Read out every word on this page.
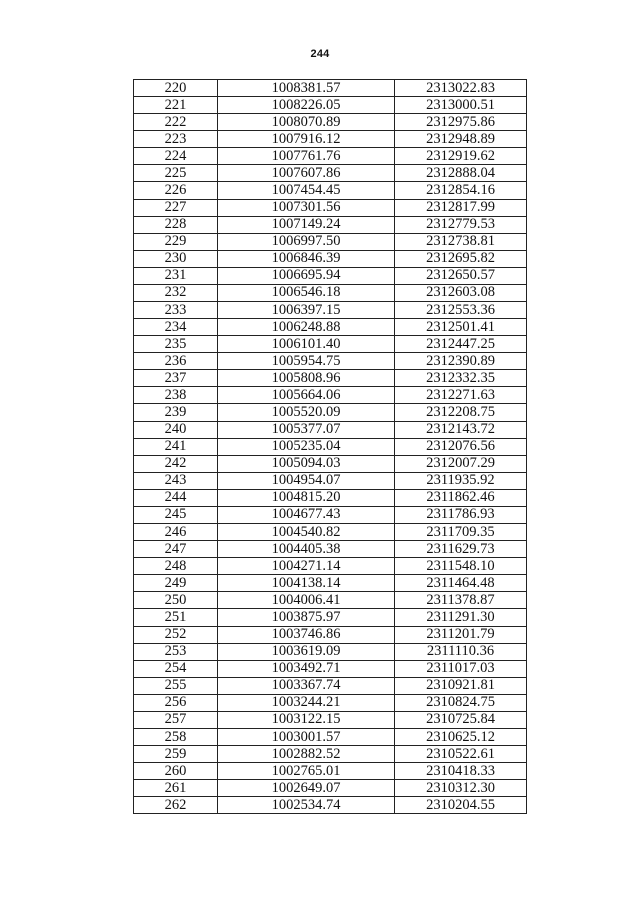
244
220	1008381.57	2313022.83
221	1008226.05	2313000.51
222	1008070.89	2312975.86
223	1007916.12	2312948.89
224	1007761.76	2312919.62
225	1007607.86	2312888.04
226	1007454.45	2312854.16
227	1007301.56	2312817.99
228	1007149.24	2312779.53
229	1006997.50	2312738.81
230	1006846.39	2312695.82
231	1006695.94	2312650.57
232	1006546.18	2312603.08
233	1006397.15	2312553.36
234	1006248.88	2312501.41
235	1006101.40	2312447.25
236	1005954.75	2312390.89
237	1005808.96	2312332.35
238	1005664.06	2312271.63
239	1005520.09	2312208.75
240	1005377.07	2312143.72
241	1005235.04	2312076.56
242	1005094.03	2312007.29
243	1004954.07	2311935.92
244	1004815.20	2311862.46
245	1004677.43	2311786.93
246	1004540.82	2311709.35
247	1004405.38	2311629.73
248	1004271.14	2311548.10
249	1004138.14	2311464.48
250	1004006.41	2311378.87
251	1003875.97	2311291.30
252	1003746.86	2311201.79
253	1003619.09	2311110.36
254	1003492.71	2311017.03
255	1003367.74	2310921.81
256	1003244.21	2310824.75
257	1003122.15	2310725.84
258	1003001.57	2310625.12
259	1002882.52	2310522.61
260	1002765.01	2310418.33
261	1002649.07	2310312.30
262	1002534.74	2310204.55
